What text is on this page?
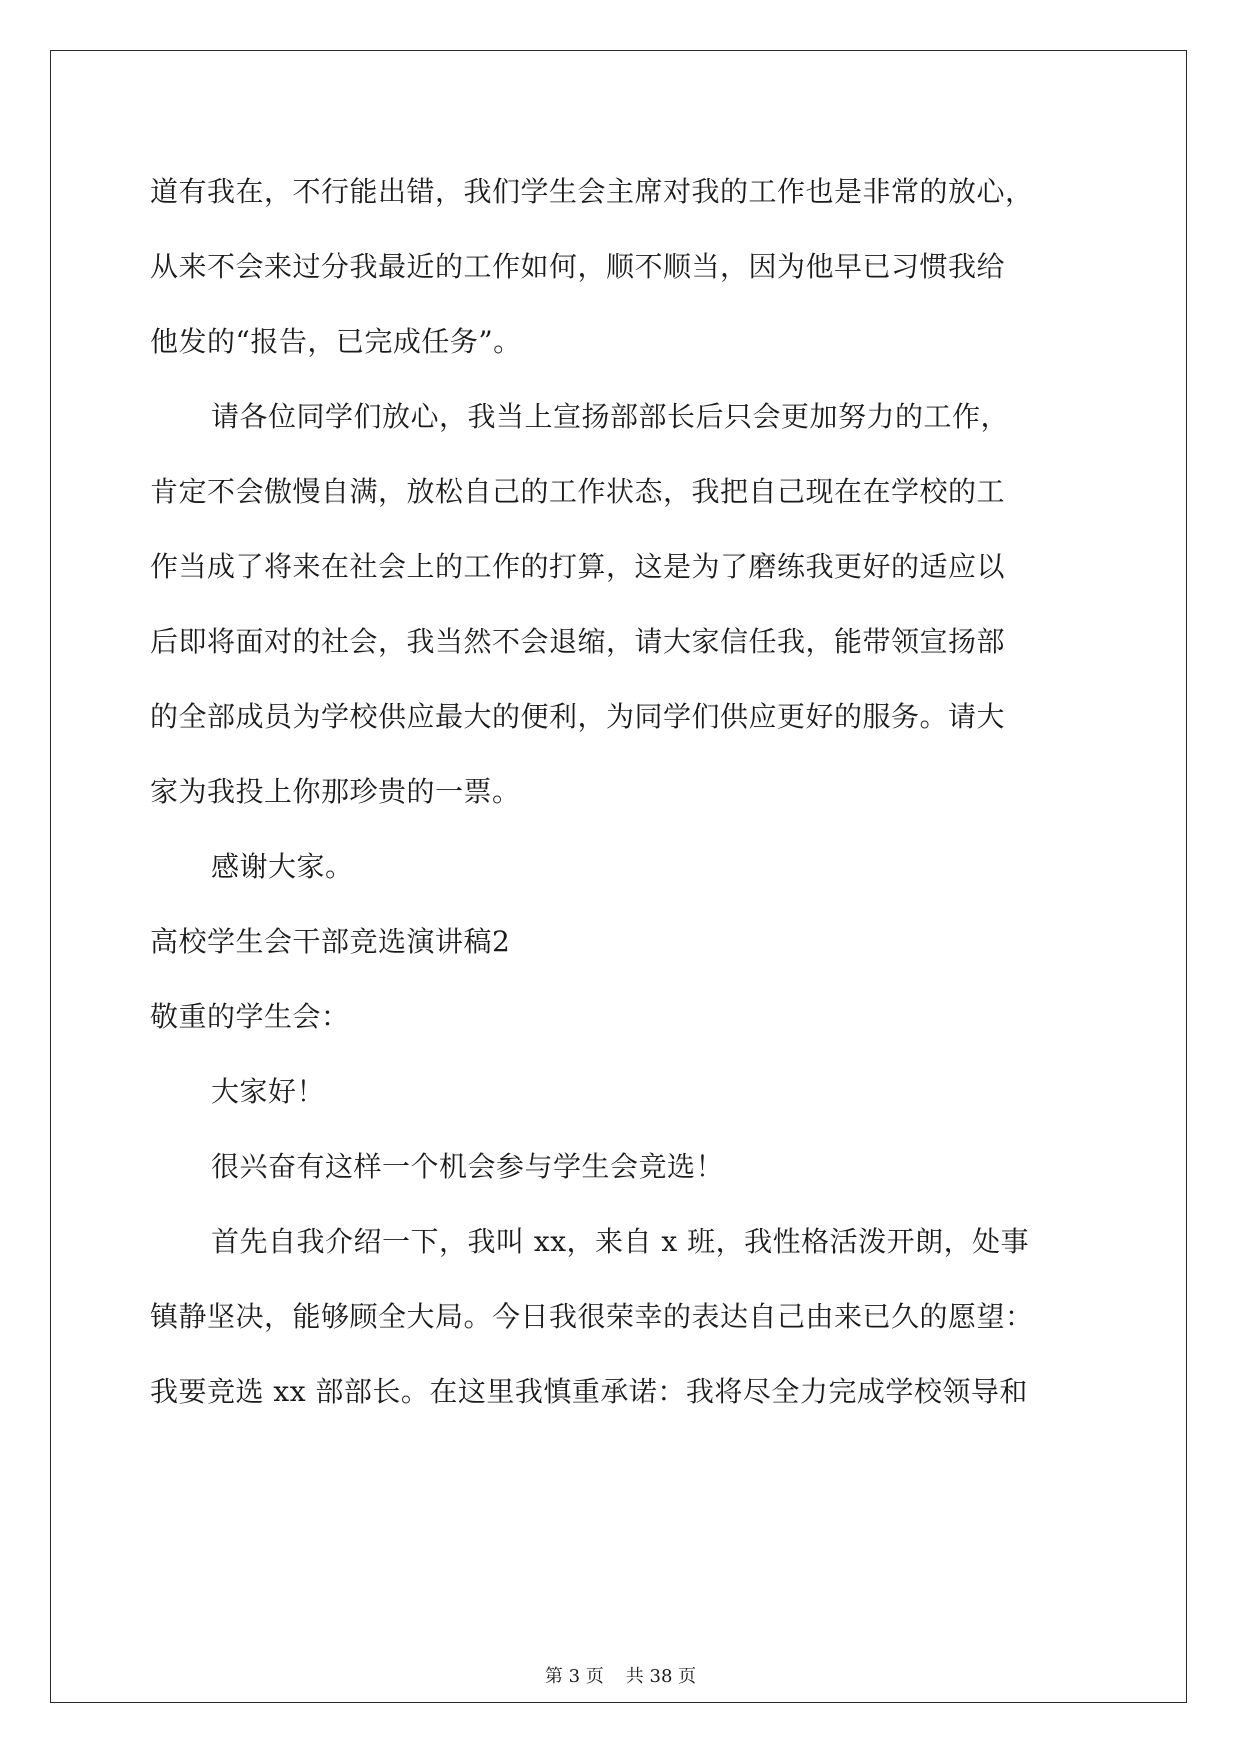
道有我在，不行能出错，我们学生会主席对我的工作也是非常的放心，
从来不会来过分我最近的工作如何，顺不顺当，因为他早已习惯我给
他发的“报告，已完成任务”。
请各位同学们放心，我当上宣扬部部长后只会更加努力的工作，
肯定不会傲慢自满，放松自己的工作状态，我把自己现在在学校的工
作当成了将来在社会上的工作的打算，这是为了磨练我更好的适应以
后即将面对的社会，我当然不会退缩，请大家信任我，能带领宣扬部
的全部成员为学校供应最大的便利，为同学们供应更好的服务。请大
家为我投上你那珍贵的一票。
感谢大家。
高校学生会干部竞选演讲稿2
敬重的学生会：
大家好！
很兴奋有这样一个机会参与学生会竞选！
首先自我介绍一下，我叫 xx，来自 x 班，我性格活泼开朗，处事
镇静坚决，能够顾全大局。今日我很荣幸的表达自己由来已久的愿望：
我要竞选 xx 部部长。在这里我慎重承诺：我将尽全力完成学校领导和
第 3 页 共 38 页
